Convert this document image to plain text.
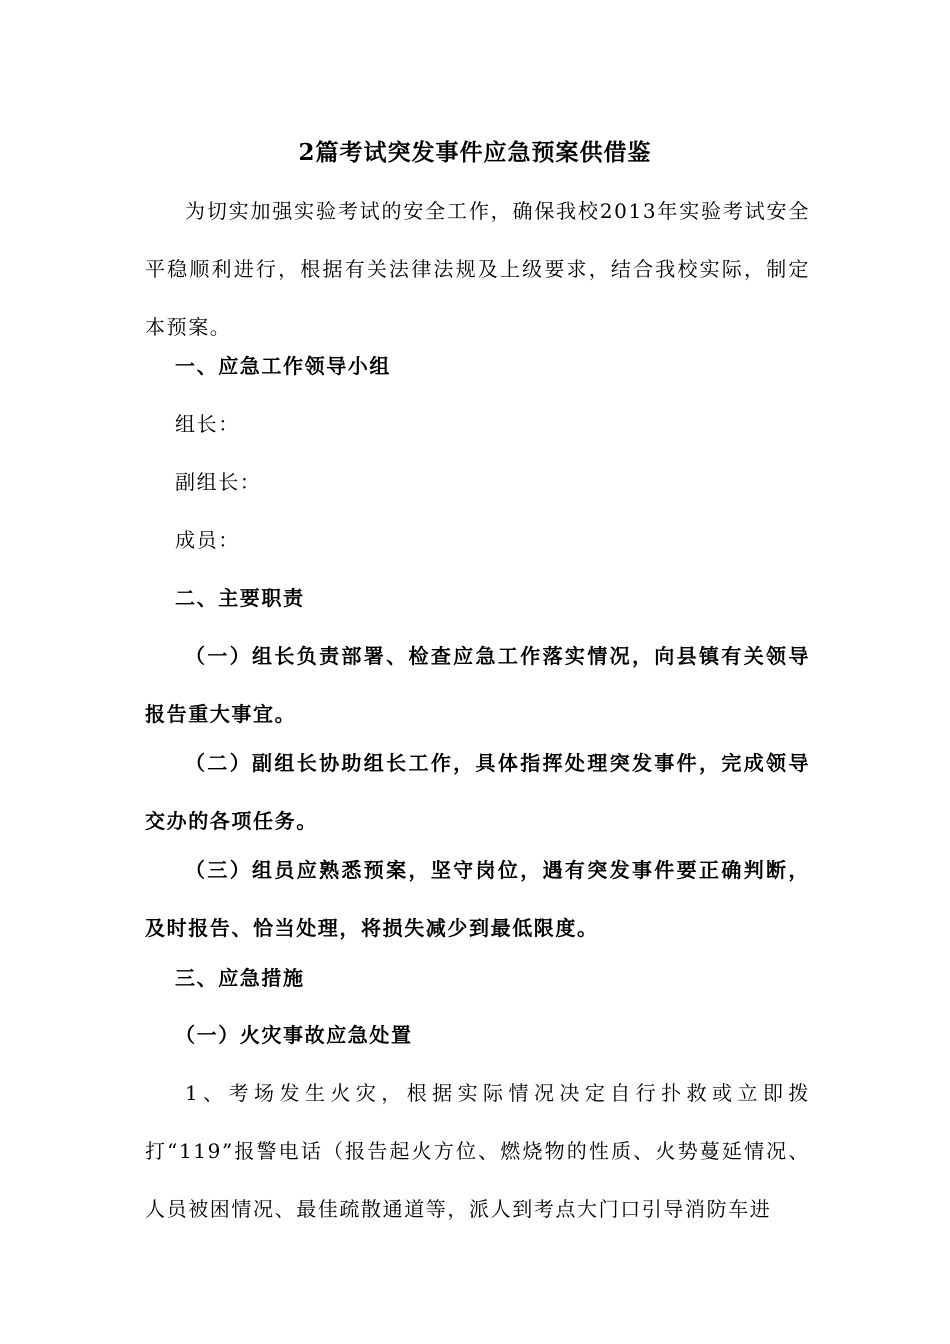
2篇考试突发事件应急预案供借鉴

为切实加强实验考试的安全工作，确保我校2013年实验考试安全平稳顺利进行，根据有关法律法规及上级要求，结合我校实际，制定本预案。

一、应急工作领导小组
组长：
副组长：
成员：
二、主要职责

（一）组长负责部署、检查应急工作落实情况，向县镇有关领导报告重大事宜。

（二）副组长协助组长工作，具体指挥处理突发事件，完成领导交办的各项任务。

（三）组员应熟悉预案，坚守岗位，遇有突发事件要正确判断，及时报告、恰当处理，将损失减少到最低限度。

三、应急措施
（一）火灾事故应急处置

1、考场发生火灾，根据实际情况决定自行扑救或立即拨打“119”报警电话（报告起火方位、燃烧物的性质、火势蔓延情况、人员被困情况、最佳疏散通道等，派人到考点大门口引导消防车进
